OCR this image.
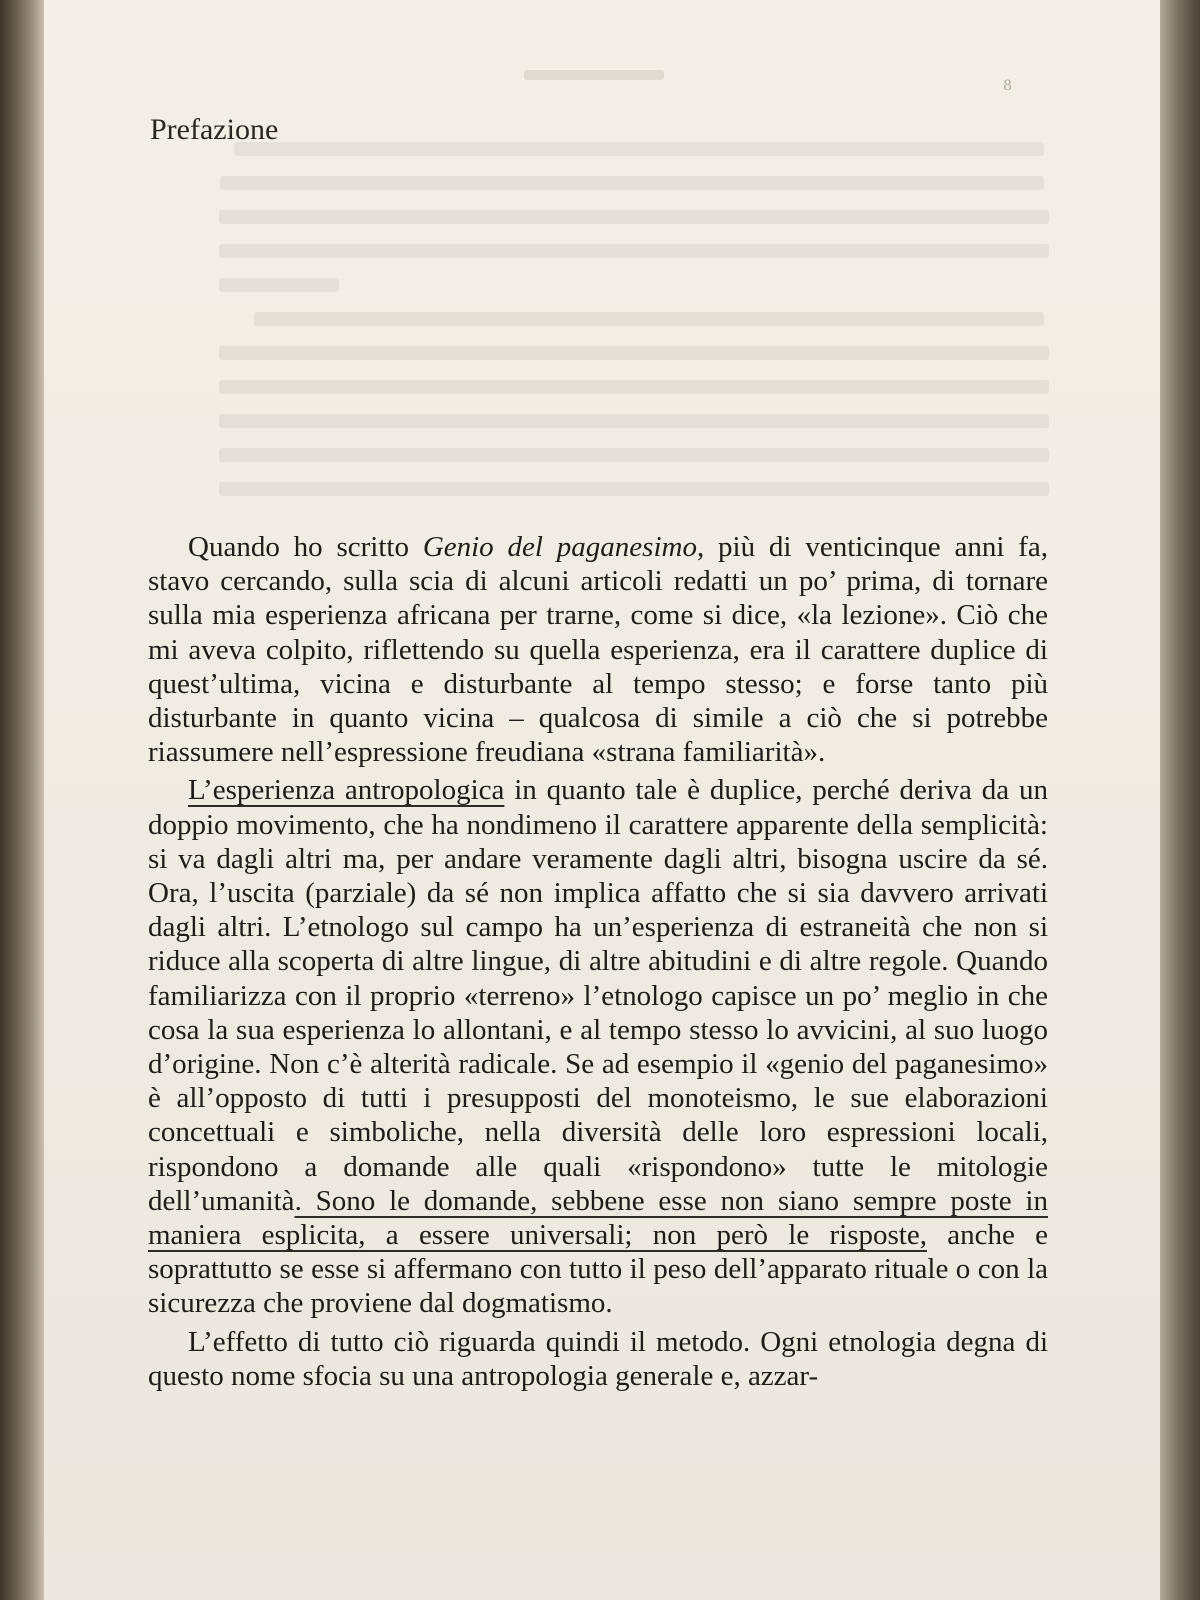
8
Prefazione

Quando ho scritto Genio del paganesimo, più di venticinque anni fa, stavo cercando, sulla scia di alcuni articoli redatti un po’ prima, di tornare sulla mia esperienza africana per trarne, come si dice, «la lezione». Ciò che mi aveva colpito, riflettendo su quella esperienza, era il carattere duplice di quest’ultima, vicina e disturbante al tempo stesso; e forse tanto più disturbante in quanto vicina – qualcosa di simile a ciò che si potrebbe riassumere nell’espressione freudiana «strana familiarità».

L’esperienza antropologica in quanto tale è duplice, perché deriva da un doppio movimento, che ha nondimeno il carattere apparente della semplicità: si va dagli altri ma, per andare veramente dagli altri, bisogna uscire da sé. Ora, l’uscita (parziale) da sé non implica affatto che si sia davvero arrivati dagli altri. L’etnologo sul campo ha un’esperienza di estraneità che non si riduce alla scoperta di altre lingue, di altre abitudini e di altre regole. Quando familiarizza con il proprio «terreno» l’etnologo capisce un po’ meglio in che cosa la sua esperienza lo allontani, e al tempo stesso lo avvicini, al suo luogo d’origine. Non c’è alterità radicale. Se ad esempio il «genio del paganesimo» è all’opposto di tutti i presupposti del monoteismo, le sue elaborazioni concettuali e simboliche, nella diversità delle loro espressioni locali, rispondono a domande alle quali «rispondono» tutte le mitologie dell’umanità. Sono le domande, sebbene esse non siano sempre poste in maniera esplicita, a essere universali; non però le risposte, anche e soprattutto se esse si affermano con tutto il peso dell’apparato rituale o con la sicurezza che proviene dal dogmatismo.

L’effetto di tutto ciò riguarda quindi il metodo. Ogni etnologia degna di questo nome sfocia su una antropologia generale e, azzar-
